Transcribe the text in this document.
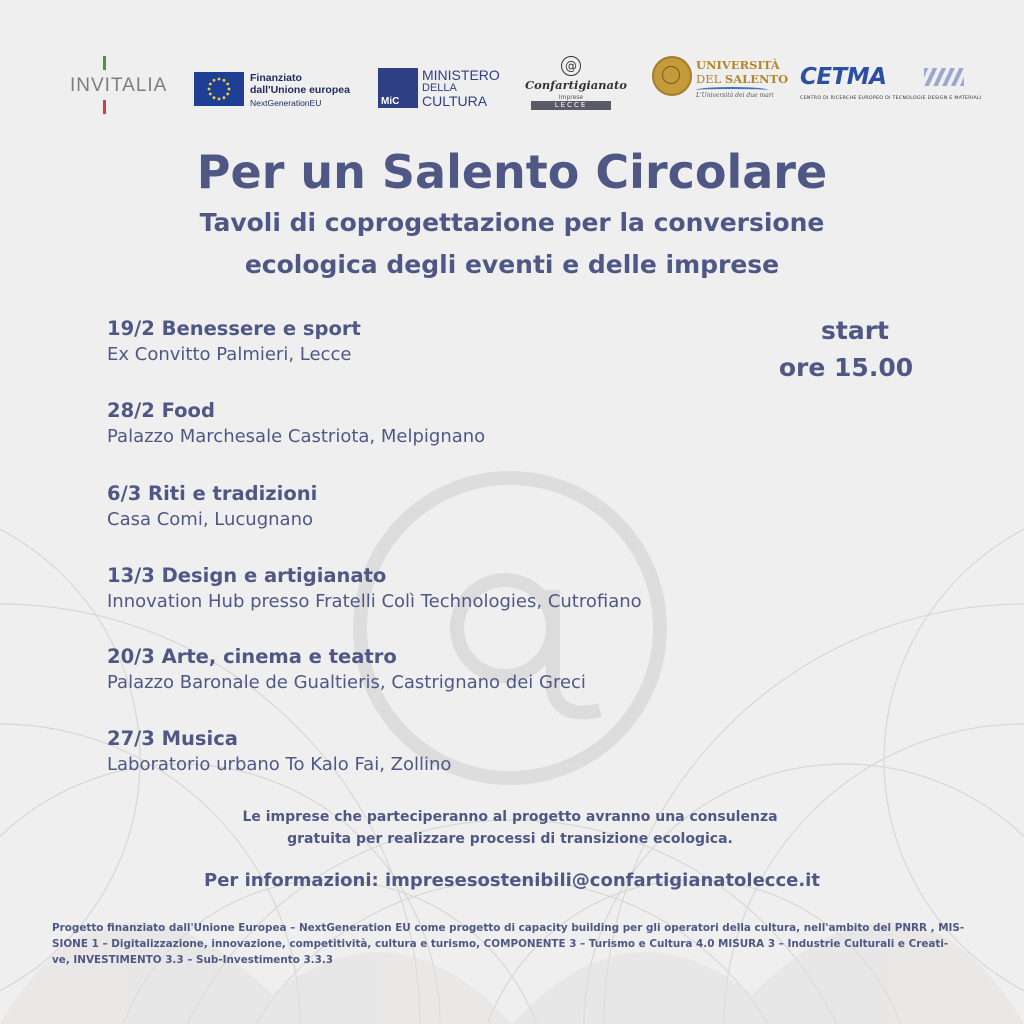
INVITALIA	Finanziato
dall'Unione europea
NextGenerationEU	MiC
MINISTERO
DELLA
CULTURA
@
Confartigianato
Imprese
LECCE
UNIVERSITÀ
DEL SALENTO
L'Università dei due mari
CETMA
CENTRO DI RICERCHE EUROPEO DI TECNOLOGIE DESIGN E MATERIALI
Per un Salento Circolare
Tavoli di coprogettazione per la conversione
ecologica degli eventi e delle imprese
start

ore 15.00
19/2 Benessere e sport
Ex Convitto Palmieri, Lecce
28/2 Food
Palazzo Marchesale Castriota, Melpignano
6/3 Riti e tradizioni
Casa Comi, Lucugnano
13/3 Design e artigianato
Innovation Hub presso Fratelli Colì Technologies, Cutrofiano
20/3 Arte, cinema e teatro
Palazzo Baronale de Gualtieris, Castrignano dei Greci
27/3 Musica
Laboratorio urbano To Kalo Fai, Zollino
Le imprese che parteciperanno al progetto avranno una consulenza
gratuita per realizzare processi di transizione ecologica.
Per informazioni: impresesostenibili@confartigianatolecce.it
Progetto finanziato dall'Unione Europea – NextGeneration EU come progetto di capacity building per gli operatori della cultura, nell'ambito del PNRR , MIS-
SIONE 1 – Digitalizzazione, innovazione, competitività, cultura e turismo, COMPONENTE 3 – Turismo e Cultura 4.0 MISURA 3 – Industrie Culturali e Creati-
ve, INVESTIMENTO 3.3 – Sub-Investimento 3.3.3
